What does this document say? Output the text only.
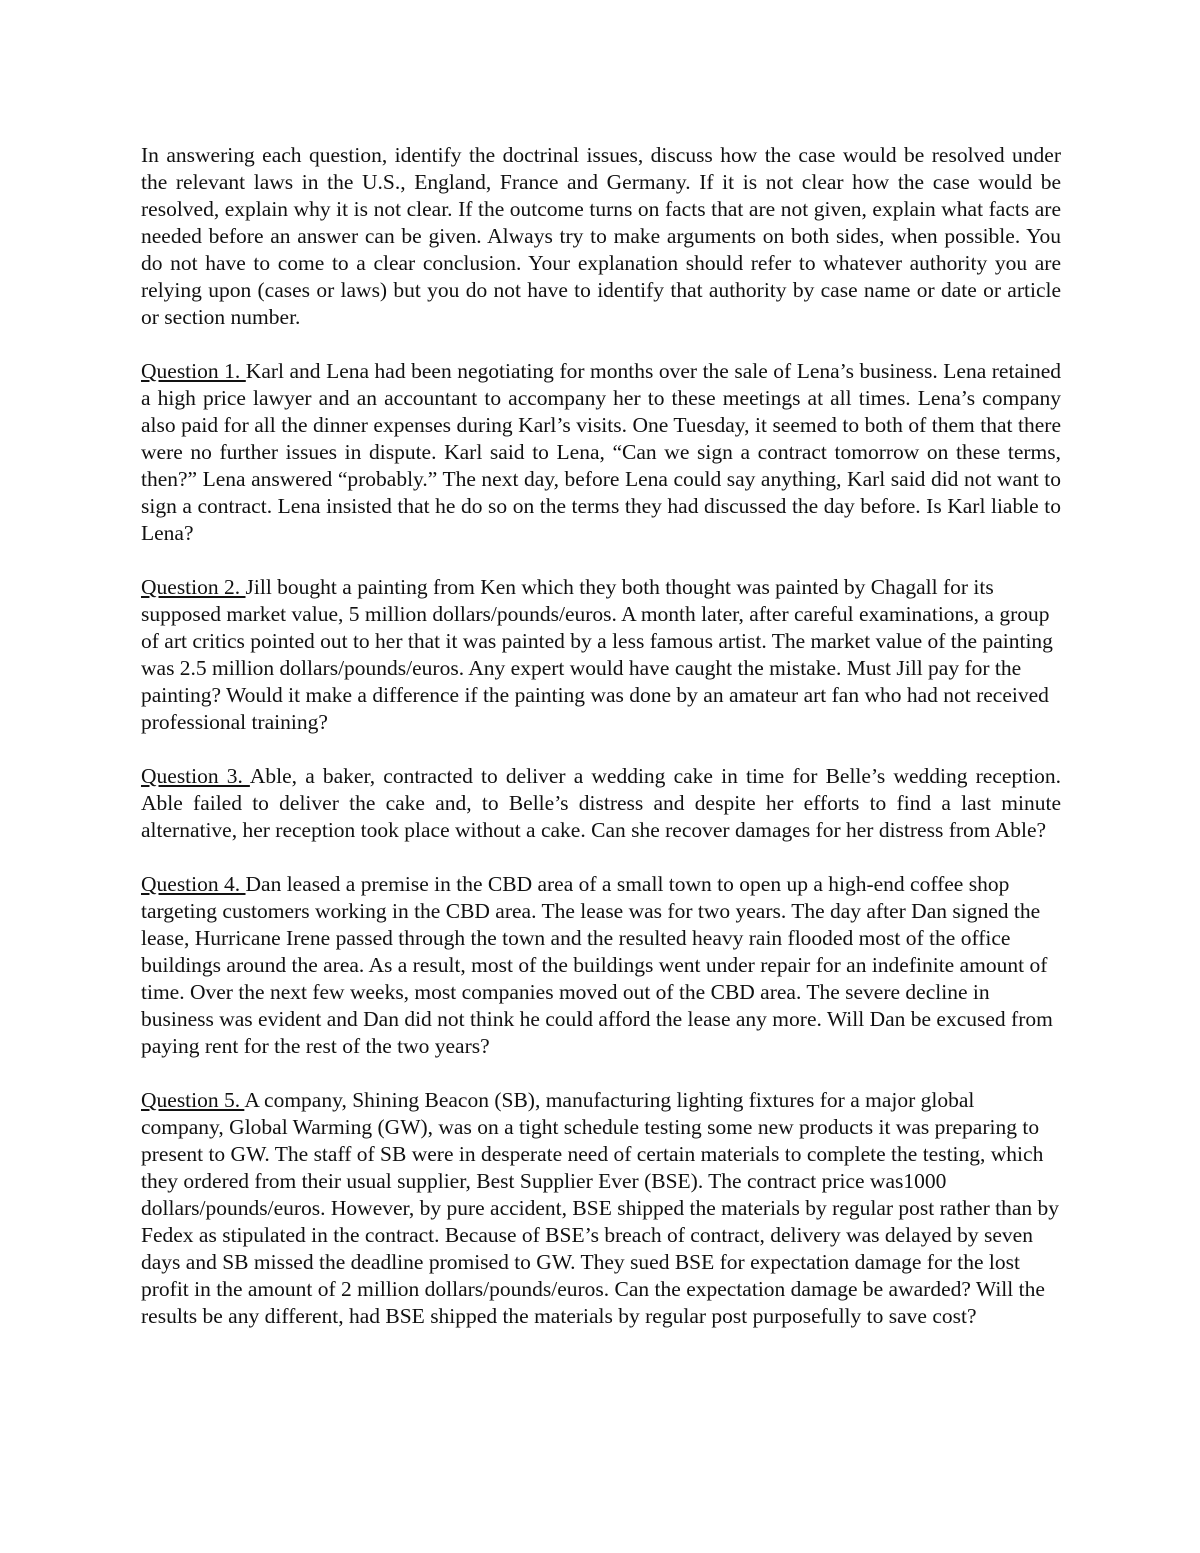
In answering each question, identify the doctrinal issues, discuss how the case would be resolved under the relevant laws in the U.S., England, France and Germany. If it is not clear how the case would be resolved, explain why it is not clear. If the outcome turns on facts that are not given, explain what facts are needed before an answer can be given. Always try to make arguments on both sides, when possible. You do not have to come to a clear conclusion. Your explanation should refer to whatever authority you are relying upon (cases or laws) but you do not have to identify that authority by case name or date or article or section number.

Question 1. Karl and Lena had been negotiating for months over the sale of Lena’s business. Lena retained a high price lawyer and an accountant to accompany her to these meetings at all times. Lena’s company also paid for all the dinner expenses during Karl’s visits. One Tuesday, it seemed to both of them that there were no further issues in dispute. Karl said to Lena, “Can we sign a contract tomorrow on these terms, then?” Lena answered “probably.” The next day, before Lena could say anything, Karl said did not want to sign a contract. Lena insisted that he do so on the terms they had discussed the day before. Is Karl liable to Lena?

Question 2. Jill bought a painting from Ken which they both thought was painted by Chagall for its supposed market value, 5 million dollars/pounds/euros. A month later, after careful examinations, a group of art critics pointed out to her that it was painted by a less famous artist. The market value of the painting was 2.5 million dollars/pounds/euros. Any expert would have caught the mistake. Must Jill pay for the painting? Would it make a difference if the painting was done by an amateur art fan who had not received professional training?

Question 3. Able, a baker, contracted to deliver a wedding cake in time for Belle’s wedding reception. Able failed to deliver the cake and, to Belle’s distress and despite her efforts to find a last minute alternative, her reception took place without a cake. Can she recover damages for her distress from Able?

Question 4. Dan leased a premise in the CBD area of a small town to open up a high-end coffee shop targeting customers working in the CBD area. The lease was for two years. The day after Dan signed the lease, Hurricane Irene passed through the town and the resulted heavy rain flooded most of the office buildings around the area. As a result, most of the buildings went under repair for an indefinite amount of time. Over the next few weeks, most companies moved out of the CBD area. The severe decline in business was evident and Dan did not think he could afford the lease any more. Will Dan be excused from paying rent for the rest of the two years?

Question 5. A company, Shining Beacon (SB), manufacturing lighting fixtures for a major global company, Global Warming (GW), was on a tight schedule testing some new products it was preparing to present to GW. The staff of SB were in desperate need of certain materials to complete the testing, which they ordered from their usual supplier, Best Supplier Ever (BSE). The contract price was1000 dollars/pounds/euros. However, by pure accident, BSE shipped the materials by regular post rather than by Fedex as stipulated in the contract. Because of BSE’s breach of contract, delivery was delayed by seven days and SB missed the deadline promised to GW. They sued BSE for expectation damage for the lost profit in the amount of 2 million dollars/pounds/euros. Can the expectation damage be awarded? Will the results be any different, had BSE shipped the materials by regular post purposefully to save cost?
